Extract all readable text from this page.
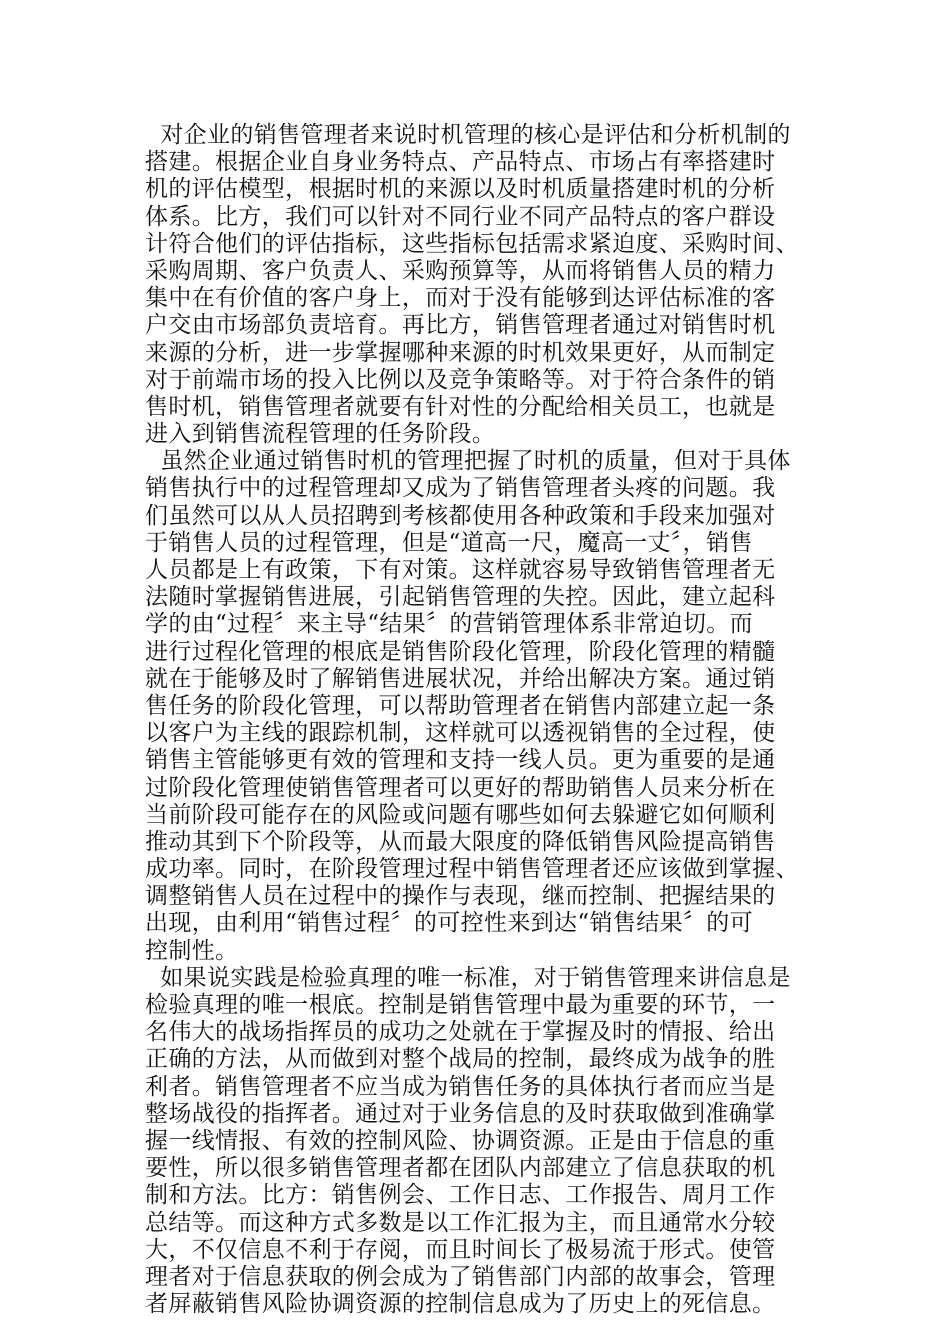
对企业的销售管理者来说时机管理的核心是评估和分析机制的
搭建。根据企业自身业务特点、产品特点、市场占有率搭建时
机的评估模型，根据时机的来源以及时机质量搭建时机的分析
体系。比方，我们可以针对不同行业不同产品特点的客户群设
计符合他们的评估指标，这些指标包括需求紧迫度、采购时间、
采购周期、客户负责人、采购预算等，从而将销售人员的精力
集中在有价值的客户身上，而对于没有能够到达评估标准的客
户交由市场部负责培育。再比方，销售管理者通过对销售时机
来源的分析，进一步掌握哪种来源的时机效果更好，从而制定
对于前端市场的投入比例以及竞争策略等。对于符合条件的销
售时机，销售管理者就要有针对性的分配给相关员工，也就是
进入到销售流程管理的任务阶段。
虽然企业通过销售时机的管理把握了时机的质量，但对于具体
销售执行中的过程管理却又成为了销售管理者头疼的问题。我
们虽然可以从人员招聘到考核都使用各种政策和手段来加强对
于销售人员的过程管理，但是“道高一尺，魔高一丈〞，销售
人员都是上有政策，下有对策。这样就容易导致销售管理者无
法随时掌握销售进展，引起销售管理的失控。因此，建立起科
学的由“过程〞来主导“结果〞的营销管理体系非常迫切。而
进行过程化管理的根底是销售阶段化管理，阶段化管理的精髓
就在于能够及时了解销售进展状况，并给出解决方案。通过销
售任务的阶段化管理，可以帮助管理者在销售内部建立起一条
以客户为主线的跟踪机制，这样就可以透视销售的全过程，使
销售主管能够更有效的管理和支持一线人员。更为重要的是通
过阶段化管理使销售管理者可以更好的帮助销售人员来分析在
当前阶段可能存在的风险或问题有哪些如何去躲避它如何顺利
推动其到下个阶段等，从而最大限度的降低销售风险提高销售
成功率。同时，在阶段管理过程中销售管理者还应该做到掌握、
调整销售人员在过程中的操作与表现，继而控制、把握结果的
出现，由利用“销售过程〞的可控性来到达“销售结果〞的可
控制性。
如果说实践是检验真理的唯一标准，对于销售管理来讲信息是
检验真理的唯一根底。控制是销售管理中最为重要的环节，一
名伟大的战场指挥员的成功之处就在于掌握及时的情报、给出
正确的方法，从而做到对整个战局的控制，最终成为战争的胜
利者。销售管理者不应当成为销售任务的具体执行者而应当是
整场战役的指挥者。通过对于业务信息的及时获取做到准确掌
握一线情报、有效的控制风险、协调资源。正是由于信息的重
要性，所以很多销售管理者都在团队内部建立了信息获取的机
制和方法。比方：销售例会、工作日志、工作报告、周月工作
总结等。而这种方式多数是以工作汇报为主，而且通常水分较
大，不仅信息不利于存阅，而且时间长了极易流于形式。使管
理者对于信息获取的例会成为了销售部门内部的故事会，管理
者屏蔽销售风险协调资源的控制信息成为了历史上的死信息。
